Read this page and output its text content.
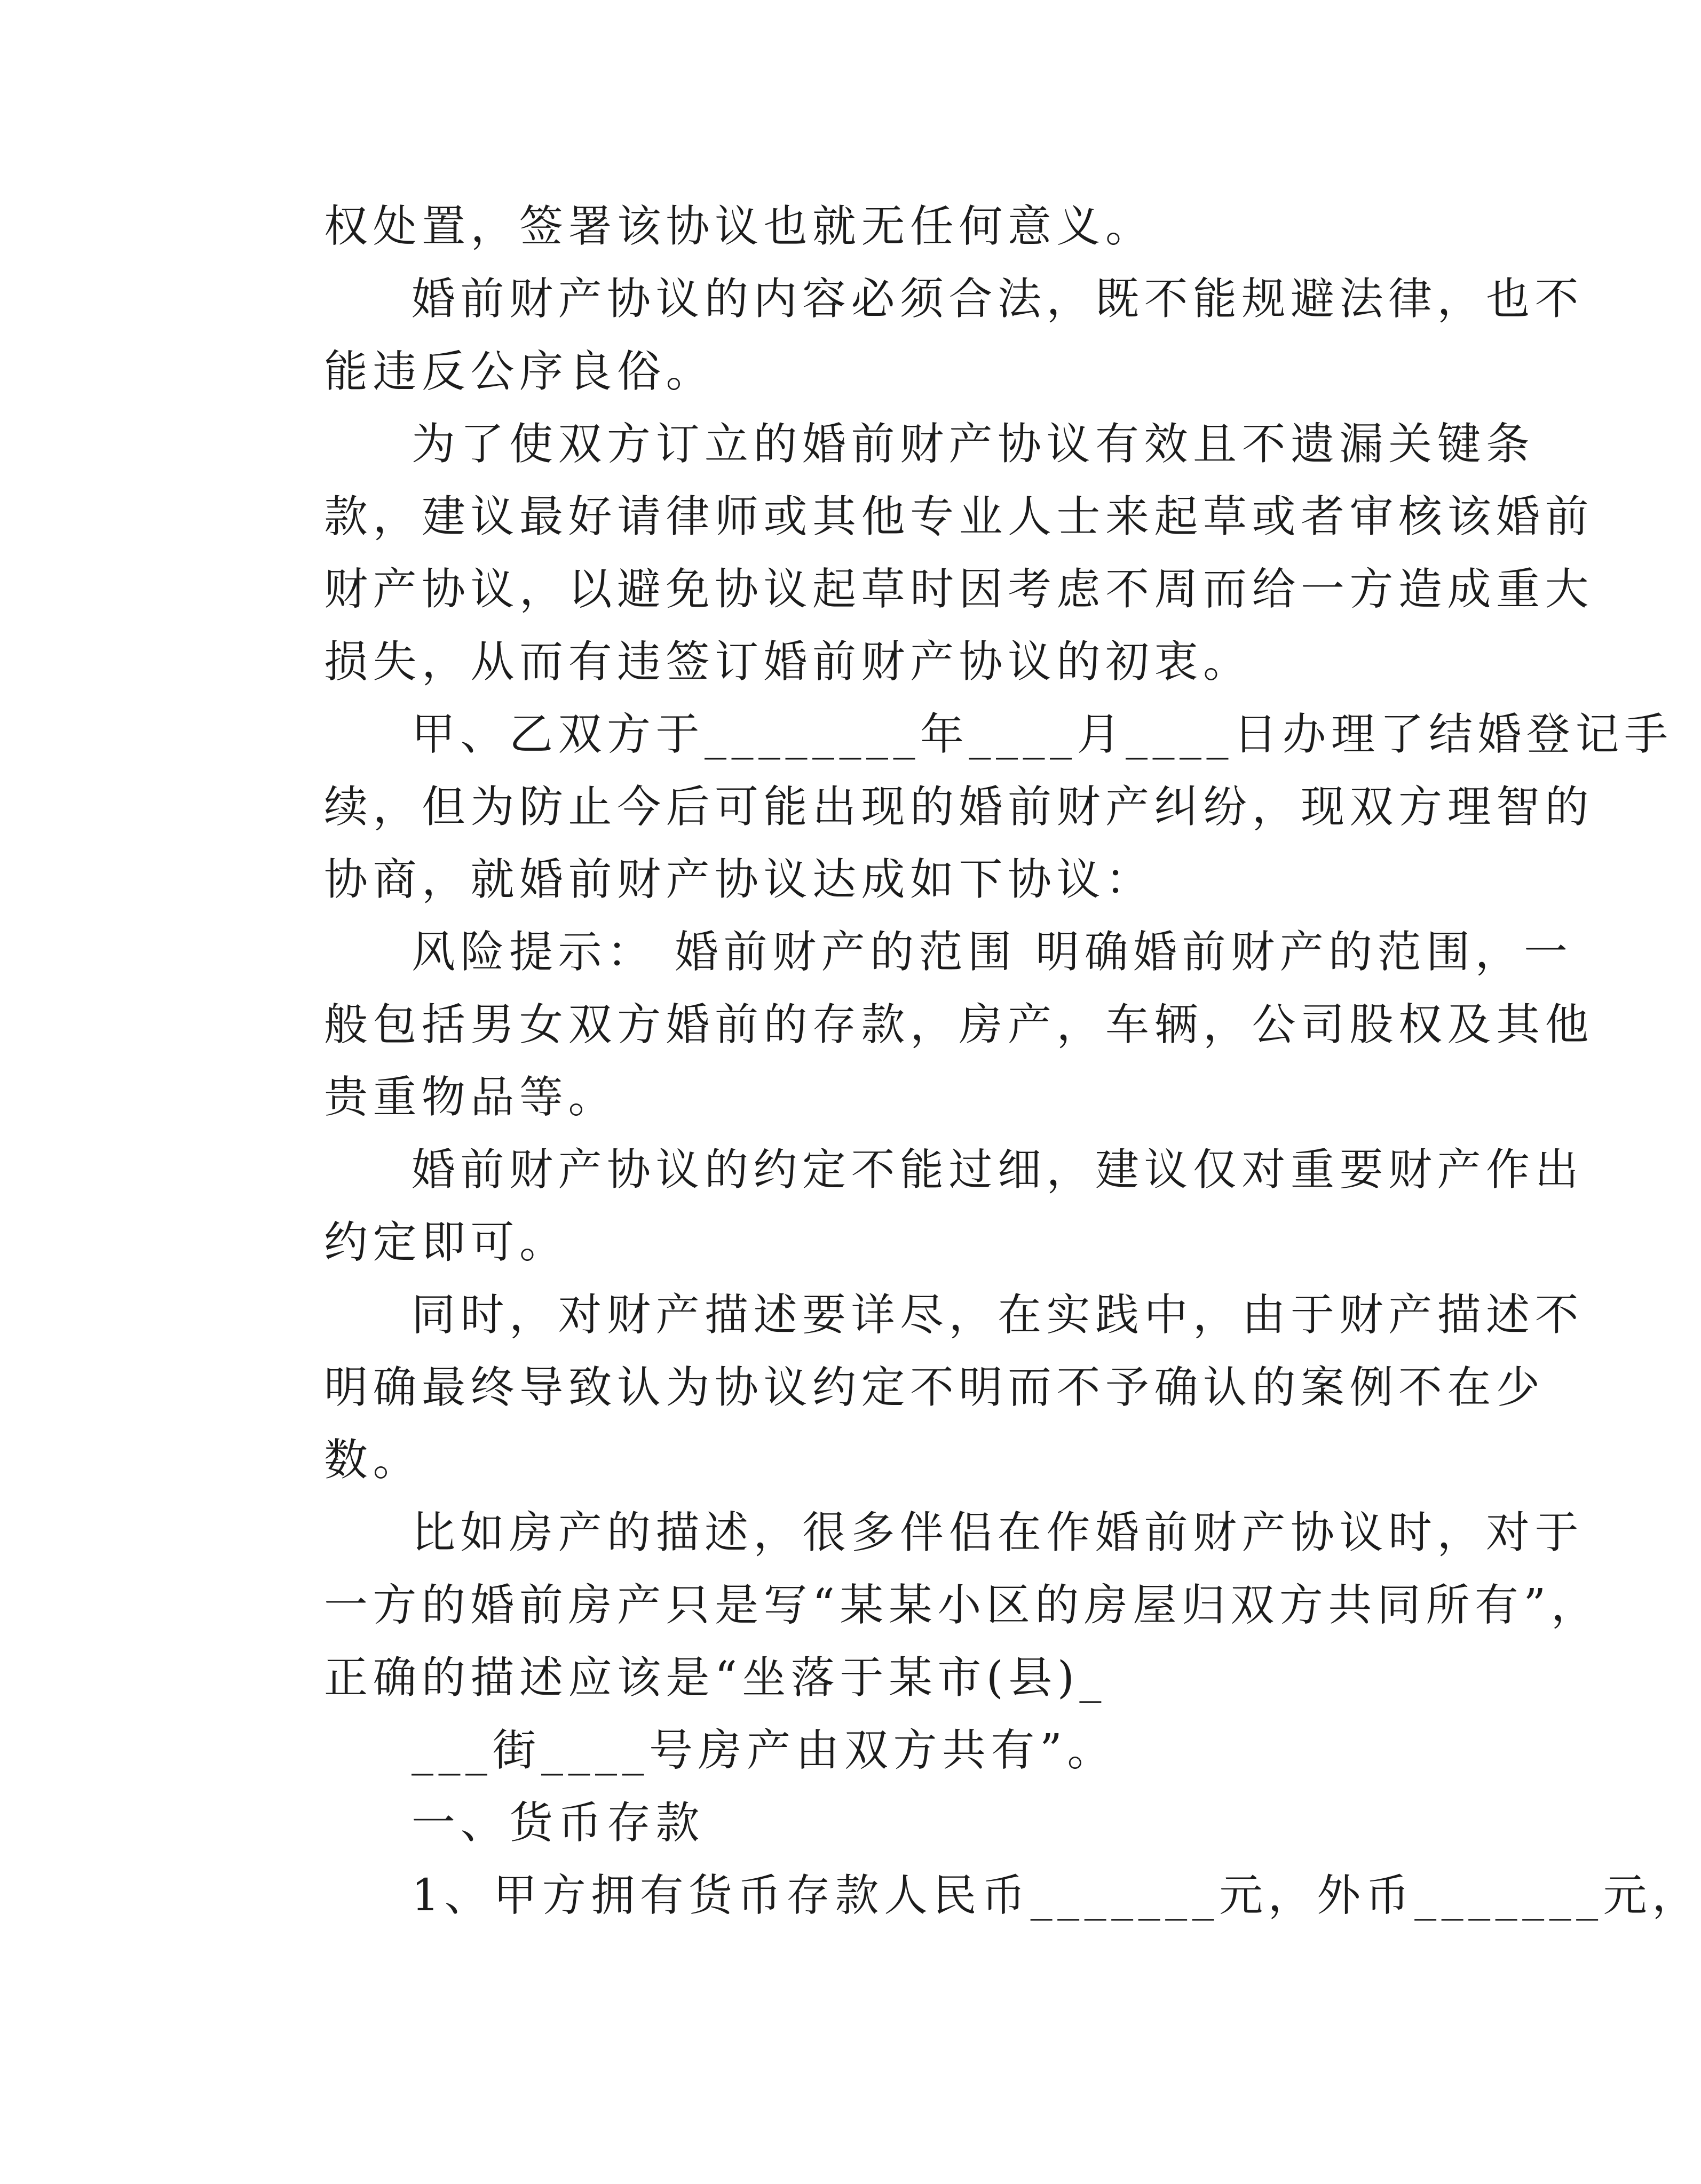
权处置，签署该协议也就无任何意义。
婚前财产协议的内容必须合法，既不能规避法律，也不
能违反公序良俗。
为了使双方订立的婚前财产协议有效且不遗漏关键条
款，建议最好请律师或其他专业人士来起草或者审核该婚前
财产协议，以避免协议起草时因考虑不周而给一方造成重大
损失，从而有违签订婚前财产协议的初衷。
甲、乙双方于________年____月____日办理了结婚登记手
续，但为防止今后可能出现的婚前财产纠纷，现双方理智的
协商，就婚前财产协议达成如下协议：
风险提示： 婚前财产的范围 明确婚前财产的范围，一
般包括男女双方婚前的存款，房产，车辆，公司股权及其他
贵重物品等。
婚前财产协议的约定不能过细，建议仅对重要财产作出
约定即可。
同时，对财产描述要详尽，在实践中，由于财产描述不
明确最终导致认为协议约定不明而不予确认的案例不在少
数。
比如房产的描述，很多伴侣在作婚前财产协议时，对于
一方的婚前房产只是写“某某小区的房屋归双方共同所有”，
正确的描述应该是“坐落于某市(县)_
___街____号房产由双方共有”。
一、货币存款
1、甲方拥有货币存款人民币_______元，外币_______元，
